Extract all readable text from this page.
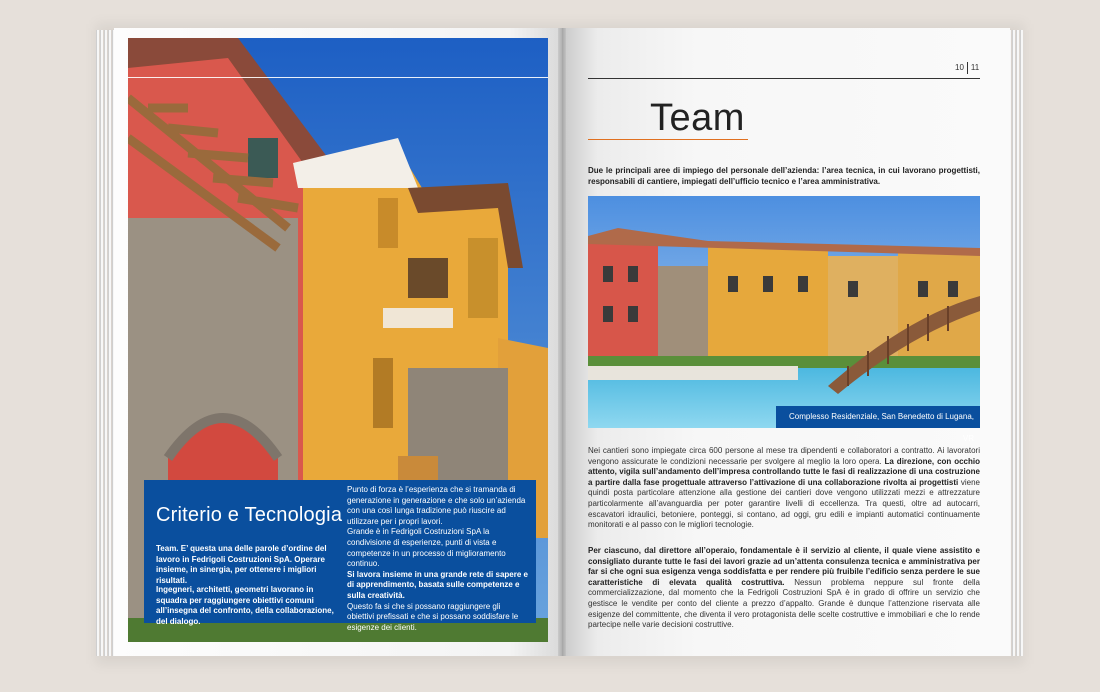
Criterio e Tecnologia
Team. E’ questa una delle parole d’ordine del lavoro in Fedrigoli Costruzioni SpA. Operare insieme, in sinergia, per ottenere i migliori risultati.
Ingegneri, architetti, geometri lavorano in squadra per raggiungere obiettivi comuni all’insegna del confronto, della collaborazione, del dialogo.
Punto di forza è l’esperienza che si tramanda di generazione in generazione e che solo un’azienda con una così lunga tradizione può riuscire ad utilizzare per i propri lavori.
Grande è in Fedrigoli Costruzioni SpA la condivisione di esperienze, punti di vista e competenze in un processo di miglioramento continuo.
Si lavora insieme in una grande rete di sapere e di apprendimento, basata sulle competenze e sulla creatività.
Questo fa si che si possano raggiungere gli obiettivi prefissati e che si possano soddisfare le esigenze dei clienti.
10 11
Team
Due le principali aree di impiego del personale dell’azienda: l’area tecnica, in cui lavorano progettisti, responsabili di cantiere, impiegati dell’ufficio tecnico e l’area amministrativa.
Complesso Residenziale, San Benedetto di Lugana, VR
Nei cantieri sono impiegate circa 600 persone al mese tra dipendenti e collaboratori a contratto. Ai lavoratori vengono assicurate le condizioni necessarie per svolgere al meglio la loro opera. La direzione, con occhio attento, vigila sull’andamento dell’impresa controllando tutte le fasi di realizzazione di una costruzione a partire dalla fase progettuale attraverso l’attivazione di una collaborazione rivolta ai progettisti viene quindi posta particolare attenzione alla gestione dei cantieri dove vengono utilizzati mezzi e attrezzature particolarmente all’avanguardia per poter garantire livelli di eccellenza. Tra questi, oltre ad autocarri, escavatori idraulici, betoniere, ponteggi, si contano, ad oggi, gru edili e impianti automatici continuamente monitorati e al passo con le migliori tecnologie.
Per ciascuno, dal direttore all’operaio, fondamentale è il servizio al cliente, il quale viene assistito e consigliato durante tutte le fasi dei lavori grazie ad un’attenta consulenza tecnica e amministrativa per far si che ogni sua esigenza venga soddisfatta e per rendere più fruibile l’edificio senza perdere le sue caratteristiche di elevata qualità costruttiva. Nessun problema neppure sul fronte della commercializzazione, dal momento che la Fedrigoli Costruzioni SpA è in grado di offrire un servizio che gestisce le vendite per conto del cliente a prezzo d’appalto. Grande è dunque l’attenzione riservata alle esigenze del committente, che diventa il vero protagonista delle scelte costruttive e immobiliari e che lo rende partecipe nelle varie decisioni costruttive.
